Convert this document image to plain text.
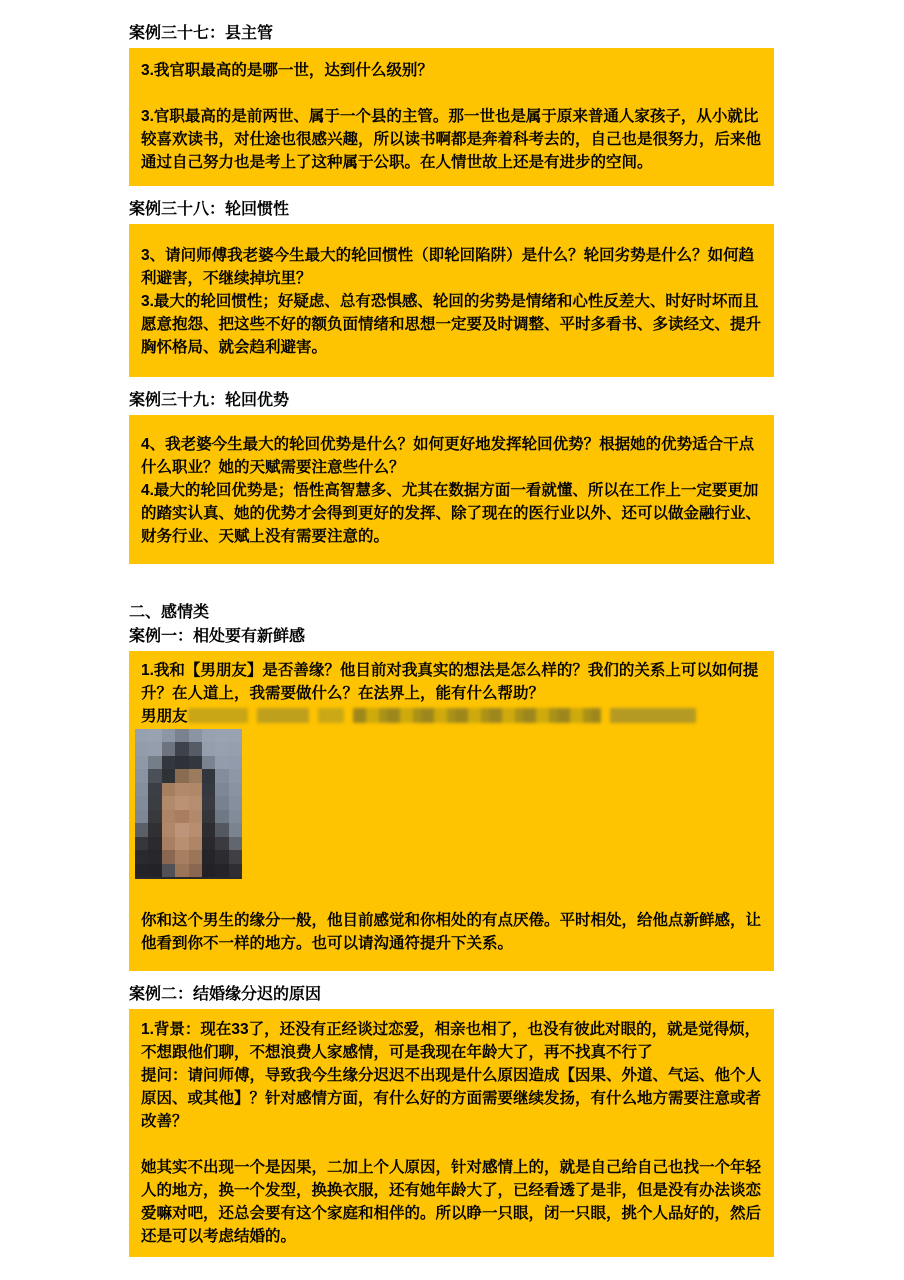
案例三十七：县主管

3.我官职最高的是哪一世，达到什么级别？

3.官职最高的是前两世、属于一个县的主管。那一世也是属于原来普通人家孩子，从小就比较喜欢读书，对仕途也很感兴趣，所以读书啊都是奔着科考去的，自己也是很努力，后来他通过自己努力也是考上了这种属于公职。在人情世故上还是有进步的空间。

案例三十八：轮回惯性

3、请问师傅我老婆今生最大的轮回惯性（即轮回陷阱）是什么？轮回劣势是什么？如何趋利避害，不继续掉坑里？

3.最大的轮回惯性；好疑虑、总有恐惧感、轮回的劣势是情绪和心性反差大、时好时坏而且愿意抱怨、把这些不好的额负面情绪和思想一定要及时调整、平时多看书、多读经文、提升胸怀格局、就会趋利避害。

案例三十九：轮回优势

4、我老婆今生最大的轮回优势是什么？如何更好地发挥轮回优势？根据她的优势适合干点什么职业？她的天赋需要注意些什么？

4.最大的轮回优势是；悟性高智慧多、尤其在数据方面一看就懂、所以在工作上一定要更加的踏实认真、她的优势才会得到更好的发挥、除了现在的医行业以外、还可以做金融行业、财务行业、天赋上没有需要注意的。

二、感情类
案例一：相处要有新鲜感

1.我和【男朋友】是否善缘？他目前对我真实的想法是怎么样的？我们的关系上可以如何提升？在人道上，我需要做什么？在法界上，能有什么帮助？

男朋友

你和这个男生的缘分一般，他目前感觉和你相处的有点厌倦。平时相处，给他点新鲜感，让他看到你不一样的地方。也可以请沟通符提升下关系。

案例二：结婚缘分迟的原因

1.背景：现在33了，还没有正经谈过恋爱，相亲也相了，也没有彼此对眼的，就是觉得烦，不想跟他们聊，不想浪费人家感情，可是我现在年龄大了，再不找真不行了

提问：请问师傅，导致我今生缘分迟迟不出现是什么原因造成【因果、外道、气运、他个人原因、或其他】？针对感情方面，有什么好的方面需要继续发扬，有什么地方需要注意或者改善？

她其实不出现一个是因果，二加上个人原因，针对感情上的，就是自己给自己也找一个年轻人的地方，换一个发型，换换衣服，还有她年龄大了，已经看透了是非，但是没有办法谈恋爱嘛对吧，还总会要有这个家庭和相伴的。所以睁一只眼，闭一只眼，挑个人品好的，然后还是可以考虑结婚的。
